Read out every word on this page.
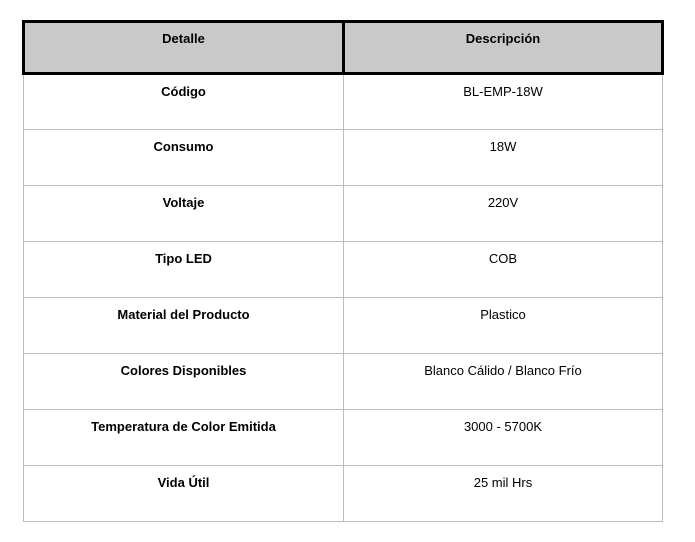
Detalle	Descripción
Código	BL-EMP-18W
Consumo	18W
Voltaje	220V
Tipo LED	COB
Material del Producto	Plastico
Colores Disponibles	Blanco Cálido / Blanco Frío
Temperatura de Color Emitida	3000 - 5700K
Vida Útil	25 mil Hrs
